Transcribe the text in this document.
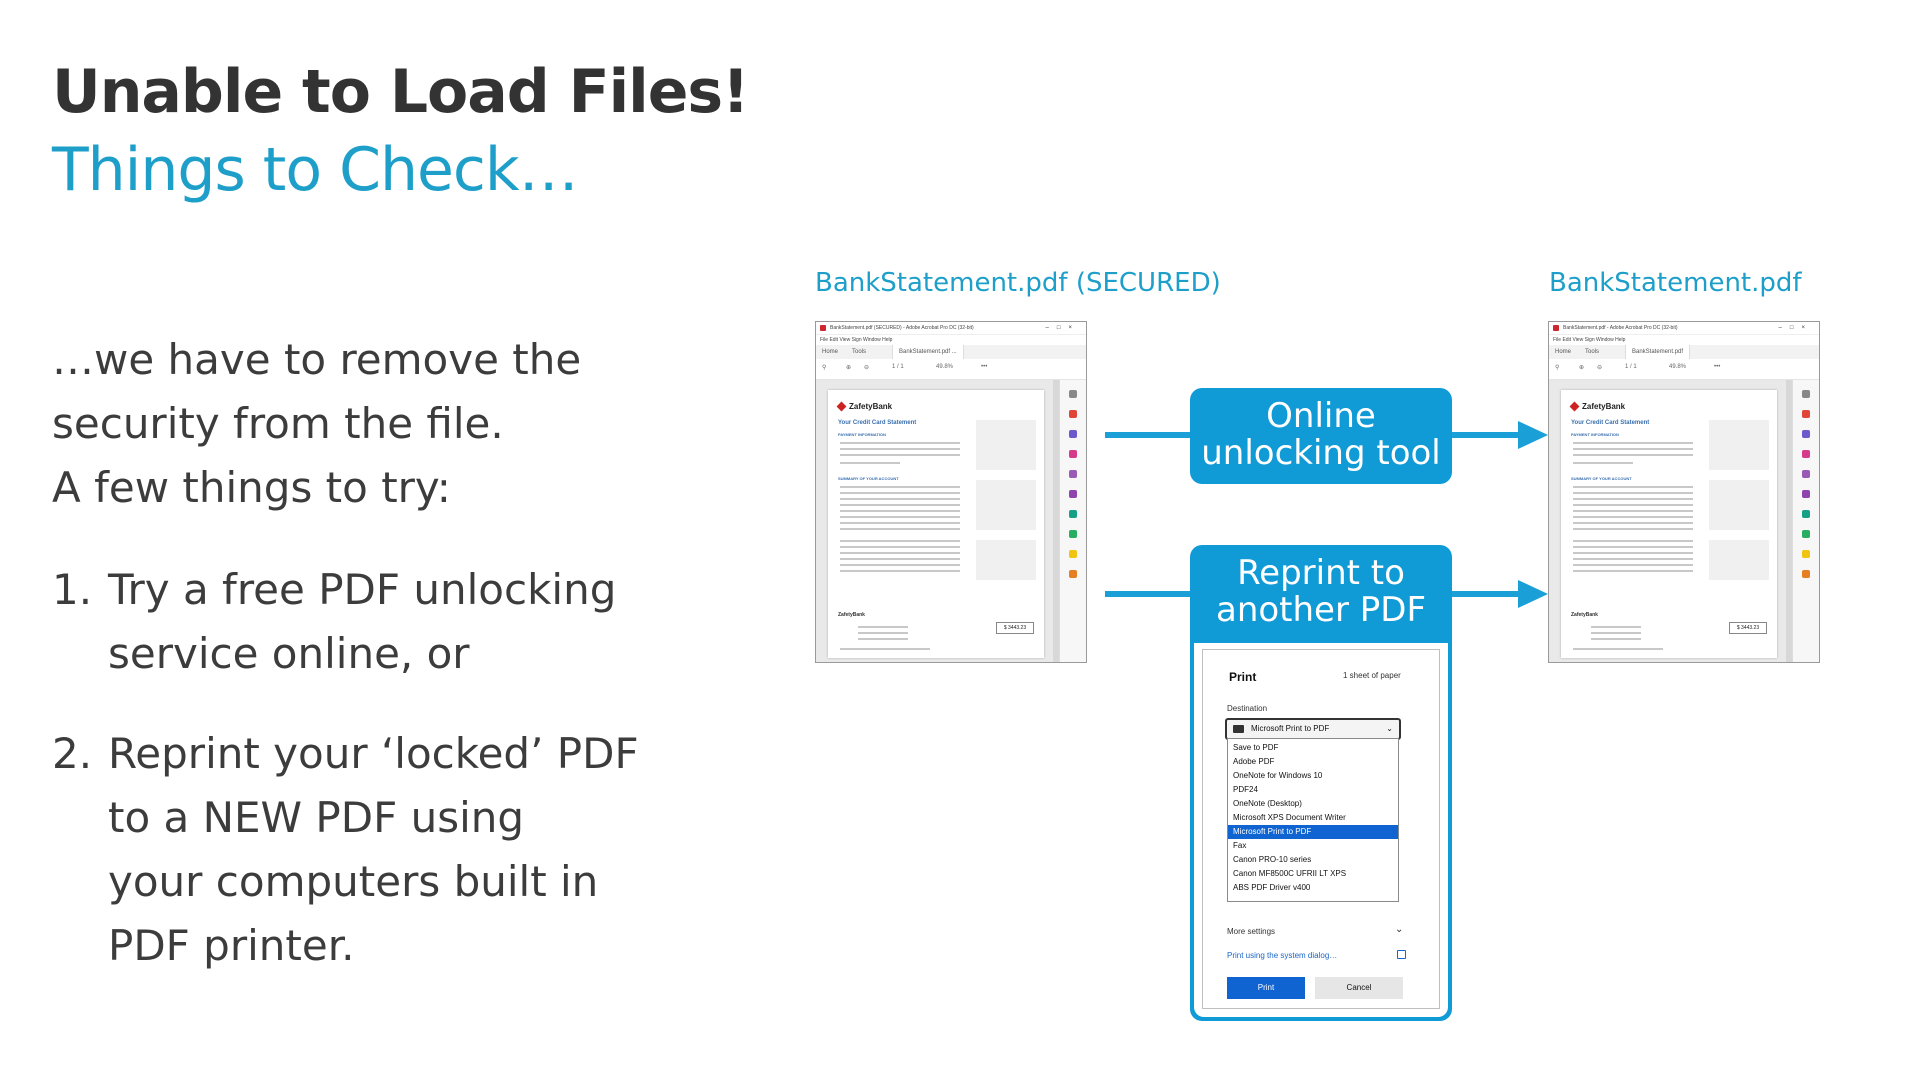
Unable to Load Files!
Things to Check…
…we have to remove the
security from the file.
A few things to try:
1. Try a free PDF unlocking
service online, or
2. Reprint your ‘locked’ PDF
to a NEW PDF using
your computers built in
PDF printer.
BankStatement.pdf (SECURED)	BankStatement.pdf
BankStatement.pdf (SECURED) - Adobe Acrobat Pro DC (32-bit)	–□×
File Edit View Sign Window Help
Home Tools	BankStatement.pdf ...
⚲	⊕ ⊖	1 / 1	49.8%	•••
ZafetyBank
Your Credit Card Statement
PAYMENT INFORMATION
SUMMARY OF YOUR ACCOUNT
ZafetyBank
$ 3443.23
BankStatement.pdf - Adobe Acrobat Pro DC (32-bit)	–□×
File Edit View Sign Window Help
Home Tools	BankStatement.pdf
⚲	⊕ ⊖	1 / 1	49.8%	•••
ZafetyBank
Your Credit Card Statement
PAYMENT INFORMATION
SUMMARY OF YOUR ACCOUNT
ZafetyBank
$ 3443.23
Online
unlocking tool
Reprint to
another PDF
Print	1 sheet of paper
Destination
Microsoft Print to PDF	⌄
Save to PDF
Adobe PDF
OneNote for Windows 10
PDF24
OneNote (Desktop)
Microsoft XPS Document Writer
Microsoft Print to PDF
Fax
Canon PRO-10 series
Canon MF8500C UFRII LT XPS
ABS PDF Driver v400
More settings	⌄
Print using the system dialog…
Print	Cancel
